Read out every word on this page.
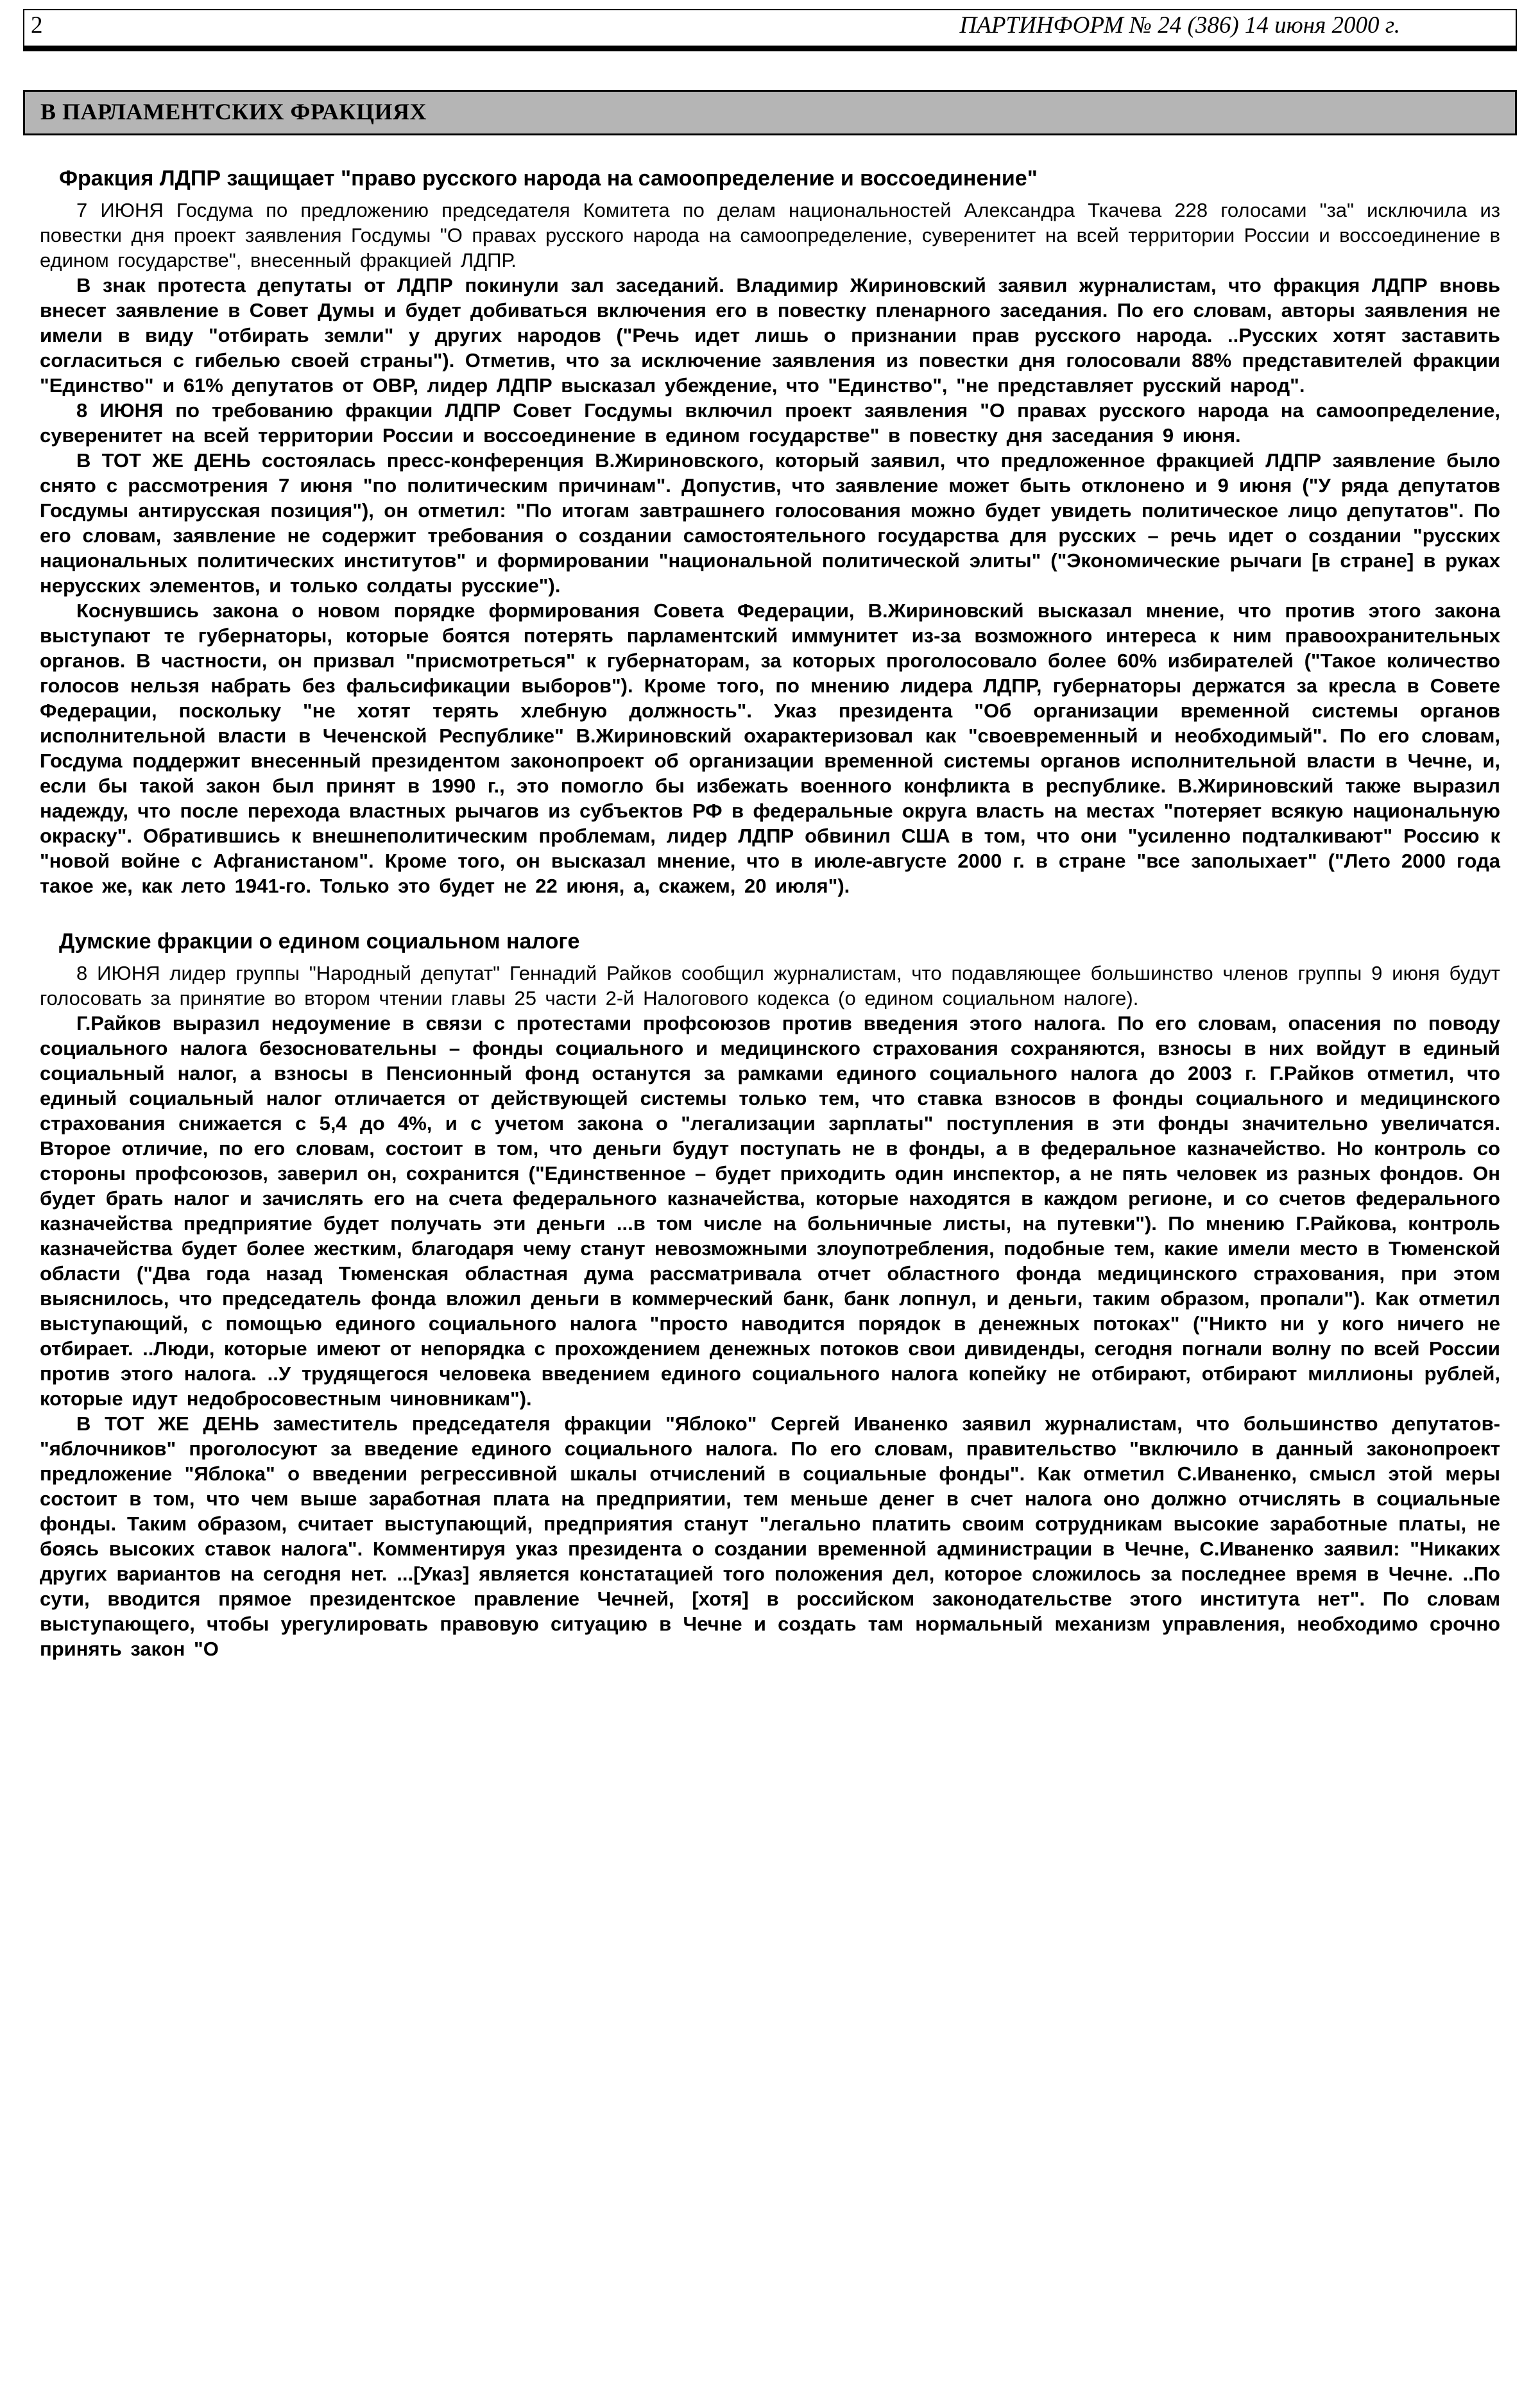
2	ПАРТИНФОРМ № 24 (386) 14 июня 2000 г.
В ПАРЛАМЕНТСКИХ ФРАКЦИЯХ
Фракция ЛДПР защищает "право русского народа на самоопределение и воссоединение"

7 ИЮНЯ Госдума по предложению председателя Комитета по делам национальностей Александра Ткачева 228 голосами "за" исключила из повестки дня проект заявления Госдумы "О правах русского народа на самоопределение, суверенитет на всей территории России и воссоединение в едином государстве", внесенный фракцией ЛДПР.

В знак протеста депутаты от ЛДПР покинули зал заседаний. Владимир Жириновский заявил журналистам, что фракция ЛДПР вновь внесет заявление в Совет Думы и будет добиваться включения его в повестку пленарного заседания. По его словам, авторы заявления не имели в виду "отбирать земли" у других народов ("Речь идет лишь о признании прав русского народа. ..Русских хотят заставить согласиться с гибелью своей страны"). Отметив, что за исключение заявления из повестки дня голосовали 88% представителей фракции "Единство" и 61% депутатов от ОВР, лидер ЛДПР высказал убеждение, что "Единство", "не представляет русский народ".

8 ИЮНЯ по требованию фракции ЛДПР Совет Госдумы включил проект заявления "О правах русского народа на самоопределение, суверенитет на всей территории России и воссоединение в едином государстве" в повестку дня заседания 9 июня.

В ТОТ ЖЕ ДЕНЬ состоялась пресс-конференция В.Жириновского, который заявил, что предложенное фракцией ЛДПР заявление было снято с рассмотрения 7 июня "по политическим причинам". Допустив, что заявление может быть отклонено и 9 июня ("У ряда депутатов Госдумы антирусская позиция"), он отметил: "По итогам завтрашнего голосования можно будет увидеть политическое лицо депутатов". По его словам, заявление не содержит требования о создании самостоятельного государства для русских – речь идет о создании "русских национальных политических институтов" и формировании "национальной политической элиты" ("Экономические рычаги [в стране] в руках нерусских элементов, и только солдаты русские").

Коснувшись закона о новом порядке формирования Совета Федерации, В.Жириновский высказал мнение, что против этого закона выступают те губернаторы, которые боятся потерять парламентский иммунитет из-за возможного интереса к ним правоохранительных органов. В частности, он призвал "присмотреться" к губернаторам, за которых проголосовало более 60% избирателей ("Такое количество голосов нельзя набрать без фальсификации выборов"). Кроме того, по мнению лидера ЛДПР, губернаторы держатся за кресла в Совете Федерации, поскольку "не хотят терять хлебную должность". Указ президента "Об организации временной системы органов исполнительной власти в Чеченской Республике" В.Жириновский охарактеризовал как "своевременный и необходимый". По его словам, Госдума поддержит внесенный президентом законопроект об организации временной системы органов исполнительной власти в Чечне, и, если бы такой закон был принят в 1990 г., это помогло бы избежать военного конфликта в республике. В.Жириновский также выразил надежду, что после перехода властных рычагов из субъектов РФ в федеральные округа власть на местах "потеряет всякую национальную окраску". Обратившись к внешнеполитическим проблемам, лидер ЛДПР обвинил США в том, что они "усиленно подталкивают" Россию к "новой войне с Афганистаном". Кроме того, он высказал мнение, что в июле-августе 2000 г. в стране "все заполыхает" ("Лето 2000 года такое же, как лето 1941-го. Только это будет не 22 июня, а, скажем, 20 июля").

Думские фракции о едином социальном налоге

8 ИЮНЯ лидер группы "Народный депутат" Геннадий Райков сообщил журналистам, что подавляющее большинство членов группы 9 июня будут голосовать за принятие во втором чтении главы 25 части 2-й Налогового кодекса (о едином социальном налоге).

Г.Райков выразил недоумение в связи с протестами профсоюзов против введения этого налога. По его словам, опасения по поводу социального налога безосновательны – фонды социального и медицинского страхования сохраняются, взносы в них войдут в единый социальный налог, а взносы в Пенсионный фонд останутся за рамками единого социального налога до 2003 г. Г.Райков отметил, что единый социальный налог отличается от действующей системы только тем, что ставка взносов в фонды социального и медицинского страхования снижается с 5,4 до 4%, и с учетом закона о "легализации зарплаты" поступления в эти фонды значительно увеличатся. Второе отличие, по его словам, состоит в том, что деньги будут поступать не в фонды, а в федеральное казначейство. Но контроль со стороны профсоюзов, заверил он, сохранится ("Единственное – будет приходить один инспектор, а не пять человек из разных фондов. Он будет брать налог и зачислять его на счета федерального казначейства, которые находятся в каждом регионе, и со счетов федерального казначейства предприятие будет получать эти деньги ...в том числе на больничные листы, на путевки"). По мнению Г.Райкова, контроль казначейства будет более жестким, благодаря чему станут невозможными злоупотребления, подобные тем, какие имели место в Тюменской области ("Два года назад Тюменская областная дума рассматривала отчет областного фонда медицинского страхования, при этом выяснилось, что председатель фонда вложил деньги в коммерческий банк, банк лопнул, и деньги, таким образом, пропали"). Как отметил выступающий, с помощью единого социального налога "просто наводится порядок в денежных потоках" ("Никто ни у кого ничего не отбирает. ..Люди, которые имеют от непорядка с прохождением денежных потоков свои дивиденды, сегодня погнали волну по всей России против этого налога. ..У трудящегося человека введением единого социального налога копейку не отбирают, отбирают миллионы рублей, которые идут недобросовестным чиновникам").

В ТОТ ЖЕ ДЕНЬ заместитель председателя фракции "Яблоко" Сергей Иваненко заявил журналистам, что большинство депутатов-"яблочников" проголосуют за введение единого социального налога. По его словам, правительство "включило в данный законопроект предложение "Яблока" о введении регрессивной шкалы отчислений в социальные фонды". Как отметил С.Иваненко, смысл этой меры состоит в том, что чем выше заработная плата на предприятии, тем меньше денег в счет налога оно должно отчислять в социальные фонды. Таким образом, считает выступающий, предприятия станут "легально платить своим сотрудникам высокие заработные платы, не боясь высоких ставок налога". Комментируя указ президента о создании временной администрации в Чечне, С.Иваненко заявил: "Никаких других вариантов на сегодня нет. ...[Указ] является констатацией того положения дел, которое сложилось за последнее время в Чечне. ..По сути, вводится прямое президентское правление Чечней, [хотя] в российском законодательстве этого института нет". По словам выступающего, чтобы урегулировать правовую ситуацию в Чечне и создать там нормальный механизм управления, необходимо срочно принять закон "О
